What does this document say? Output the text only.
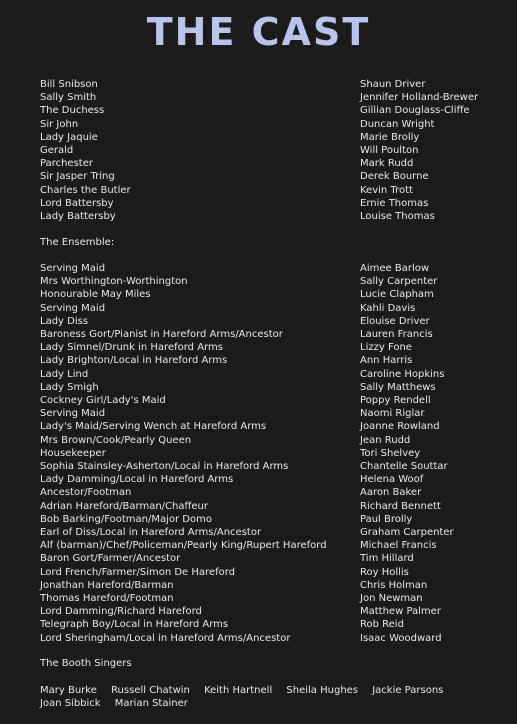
THE CAST
Bill Snibson	Shaun Driver
Sally Smith	Jennifer Holland-Brewer
The Duchess	Gillian Douglass-Cliffe
Sir John	Duncan Wright
Lady Jaquie	Marie Brolly
Gerald	Will Poulton
Parchester	Mark Rudd
Sir Jasper Tring	Derek Bourne
Charles the Butler	Kevin Trott
Lord Battersby	Ernie Thomas
Lady Battersby	Louise Thomas
The Ensemble:
Serving Maid	Aimee Barlow
Mrs Worthington-Worthington	Sally Carpenter
Honourable May Miles	Lucie Clapham
Serving Maid	Kahli Davis
Lady Diss	Elouise Driver
Baroness Gort/Pianist in Hareford Arms/Ancestor	Lauren Francis
Lady Simnel/Drunk in Hareford Arms	Lizzy Fone
Lady Brighton/Local in Hareford Arms	Ann Harris
Lady Lind	Caroline Hopkins
Lady Smigh	Sally Matthews
Cockney Girl/Lady's Maid	Poppy Rendell
Serving Maid	Naomi Riglar
Lady's Maid/Serving Wench at Hareford Arms	Joanne Rowland
Mrs Brown/Cook/Pearly Queen	Jean Rudd
Housekeeper	Tori Shelvey
Sophia Stainsley-Asherton/Local in Hareford Arms	Chantelle Souttar
Lady Damming/Local in Hareford Arms	Helena Woof
Ancestor/Footman	Aaron Baker
Adrian Hareford/Barman/Chaffeur	Richard Bennett
Bob Barking/Footman/Major Domo	Paul Brolly
Earl of Diss/Local in Hareford Arms/Ancestor	Graham Carpenter
Alf (barman)/Chef/Policeman/Pearly King/Rupert Hareford	Michael Francis
Baron Gort/Farmer/Ancestor	Tim Hillard
Lord French/Farmer/Simon De Hareford	Roy Hollis
Jonathan Hareford/Barman	Chris Holman
Thomas Hareford/Footman	Jon Newman
Lord Damming/Richard Hareford	Matthew Palmer
Telegraph Boy/Local in Hareford Arms	Rob Reid
Lord Sheringham/Local in Hareford Arms/Ancestor	Isaac Woodward
The Booth Singers
Mary Burke Russell Chatwin Keith Hartnell Sheila Hughes Jackie Parsons Joan Sibbick Marian Stainer
